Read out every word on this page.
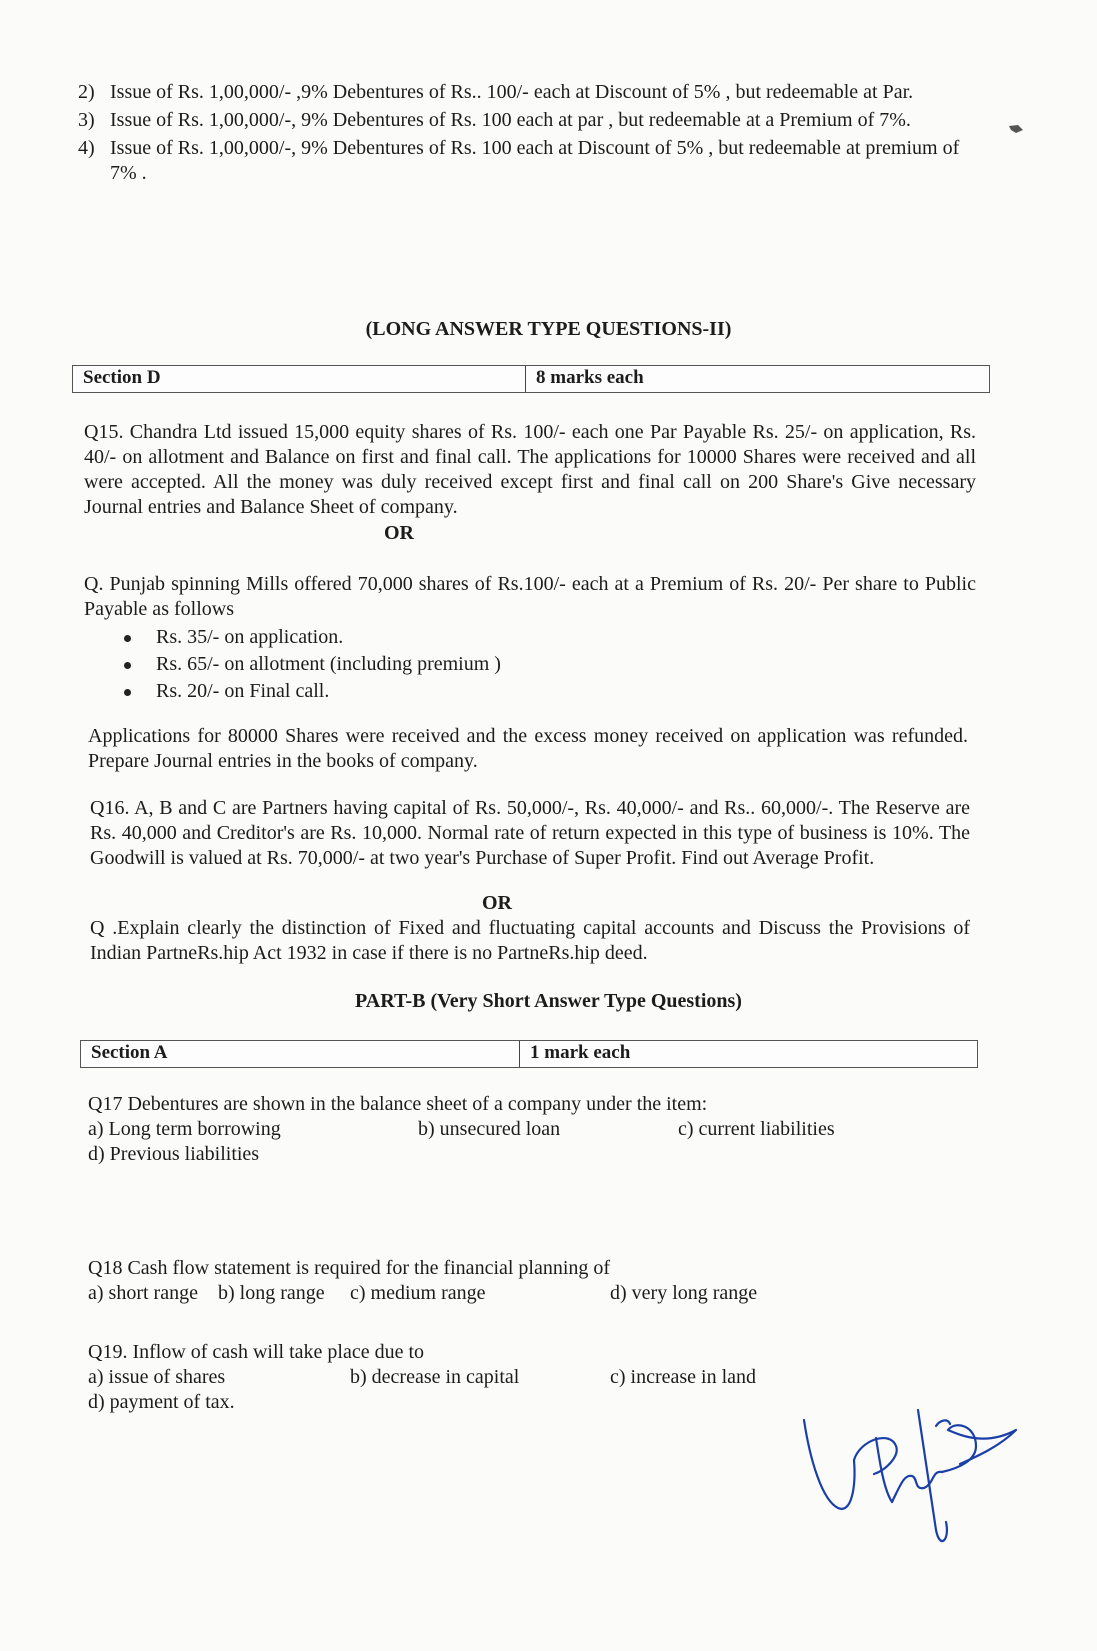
2) Issue of Rs. 1,00,000/- ,9% Debentures of Rs.. 100/- each at Discount of 5% , but redeemable at Par.
3) Issue of Rs. 1,00,000/-, 9% Debentures of Rs. 100 each at par , but redeemable at a Premium of 7%.
4) Issue of Rs. 1,00,000/-, 9% Debentures of Rs. 100 each at Discount of 5% , but redeemable at premium of 7% .
(LONG ANSWER TYPE QUESTIONS-II)
Section D	8 marks each

Q15. Chandra Ltd issued 15,000 equity shares of Rs. 100/- each one Par Payable Rs. 25/- on application, Rs. 40/- on allotment and Balance on first and final call. The applications for 10000 Shares were received and all were accepted. All the money was duly received except first and final call on 200 Share's Give necessary Journal entries and Balance Sheet of company.

OR

Q. Punjab spinning Mills offered 70,000 shares of Rs.100/- each at a Premium of Rs. 20/- Per share to Public Payable as follows

Rs. 35/- on application.
Rs. 65/- on allotment (including premium )
Rs. 20/- on Final call.

Applications for 80000 Shares were received and the excess money received on application was refunded. Prepare Journal entries in the books of company.

Q16. A, B and C are Partners having capital of Rs. 50,000/-, Rs. 40,000/- and Rs.. 60,000/-. The Reserve are Rs. 40,000 and Creditor's are Rs. 10,000. Normal rate of return expected in this type of business is 10%. The Goodwill is valued at Rs. 70,000/- at two year's Purchase of Super Profit. Find out Average Profit.

OR

Q .Explain clearly the distinction of Fixed and fluctuating capital accounts and Discuss the Provisions of Indian PartneRs.hip Act 1932 in case if there is no PartneRs.hip deed.

PART-B (Very Short Answer Type Questions)
Section A	1 mark each

Q17 Debentures are shown in the balance sheet of a company under the item:

a) Long term borrowing	b) unsecured loan	c) current liabilities
d) Previous liabilities

Q18 Cash flow statement is required for the financial planning of

a) short range	b) long range	c) medium range	d) very long range

Q19. Inflow of cash will take place due to

a) issue of shares	b) decrease in capital	c) increase in land
d) payment of tax.
